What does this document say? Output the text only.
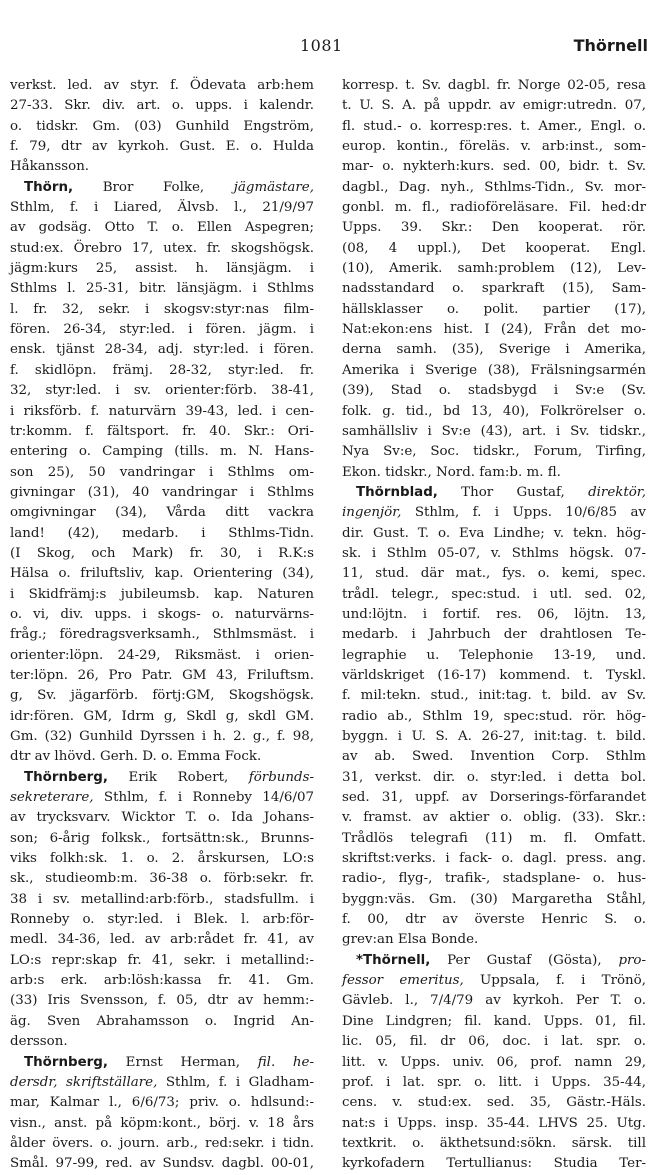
1081	Thörnell
verkst. led. av styr. f. Ödevata arb:hem
27-33. Skr. div. art. o. upps. i kalendr.
o. tidskr. Gm. (03) Gunhild Engström,
f. 79, dtr av kyrkoh. Gust. E. o. Hulda
Håkansson.
Thörn, Bror Folke, jägmästare,
Sthlm, f. i Liared, Älvsb. l., 21/9/97
av godsäg. Otto T. o. Ellen Aspegren;
stud:ex. Örebro 17, utex. fr. skogshögsk.
jägm:kurs 25, assist. h. länsjägm. i
Sthlms l. 25-31, bitr. länsjägm. i Sthlms
l. fr. 32, sekr. i skogsv:styr:nas film-
fören. 26-34, styr:led. i fören. jägm. i
ensk. tjänst 28-34, adj. styr:led. i fören.
f. skidlöpn. främj. 28-32, styr:led. fr.
32, styr:led. i sv. orienter:förb. 38-41,
i riksförb. f. naturvärn 39-43, led. i cen-
tr:komm. f. fältsport. fr. 40. Skr.: Ori-
entering o. Camping (tills. m. N. Hans-
son 25), 50 vandringar i Sthlms om-
givningar (31), 40 vandringar i Sthlms
omgivningar (34), Vårda ditt vackra
land! (42), medarb. i Sthlms-Tidn.
(I Skog, och Mark) fr. 30, i R.K:s
Hälsa o. friluftsliv, kap. Orientering (34),
i Skidfrämj:s jubileumsb. kap. Naturen
o. vi, div. upps. i skogs- o. naturvärns-
fråg.; föredragsverksamh., Sthlmsmäst. i
orienter:löpn. 24-29, Riksmäst. i orien-
ter:löpn. 26, Pro Patr. GM 43, Friluftsm.
g, Sv. jägarförb. förtj:GM, Skogshögsk.
idr:fören. GM, Idrm g, Skdl g, skdl GM.
Gm. (32) Gunhild Dyrssen i h. 2. g., f. 98,
dtr av lhövd. Gerh. D. o. Emma Fock.
Thörnberg, Erik Robert, förbunds-
sekreterare, Sthlm, f. i Ronneby 14/6/07
av trycksvarv. Wicktor T. o. Ida Johans-
son; 6-årig folksk., fortsättn:sk., Brunns-
viks folkh:sk. 1. o. 2. årskursen, LO:s
sk., studieomb:m. 36-38 o. förb:sekr. fr.
38 i sv. metallind:arb:förb., stadsfullm. i
Ronneby o. styr:led. i Blek. l. arb:för-
medl. 34-36, led. av arb:rådet fr. 41, av
LO:s repr:skap fr. 41, sekr. i metallind:-
arb:s erk. arb:lösh:kassa fr. 41. Gm.
(33) Iris Svensson, f. 05, dtr av hemm:-
äg. Sven Abrahamsson o. Ingrid An-
dersson.
Thörnberg, Ernst Herman, fil. he-
dersdr, skriftställare, Sthlm, f. i Gladham-
mar, Kalmar l., 6/6/73; priv. o. hdlsund:-
visn., anst. på köpm:kont., börj. v. 18 års
ålder övers. o. journ. arb., red:sekr. i tidn.
Smål. 97-99, red. av Sundsv. dagbl. 00-01,
korresp. t. Sv. dagbl. fr. Norge 02-05, resa
t. U. S. A. på uppdr. av emigr:utredn. 07,
fl. stud.- o. korresp:res. t. Amer., Engl. o.
europ. kontin., föreläs. v. arb:inst., som-
mar- o. nykterh:kurs. sed. 00, bidr. t. Sv.
dagbl., Dag. nyh., Sthlms-Tidn., Sv. mor-
gonbl. m. fl., radioföreläsare. Fil. hed:dr
Upps. 39. Skr.: Den kooperat. rör.
(08, 4 uppl.), Det kooperat. Engl.
(10), Amerik. samh:problem (12), Lev-
nadsstandard o. sparkraft (15), Sam-
hällsklasser o. polit. partier (17),
Nat:ekon:ens hist. I (24), Från det mo-
derna samh. (35), Sverige i Amerika,
Amerika i Sverige (38), Frälsningsarmén
(39), Stad o. stadsbygd i Sv:e (Sv.
folk. g. tid., bd 13, 40), Folkrörelser o.
samhällsliv i Sv:e (43), art. i Sv. tidskr.,
Nya Sv:e, Soc. tidskr., Forum, Tirfing,
Ekon. tidskr., Nord. fam:b. m. fl.
Thörnblad, Thor Gustaf, direktör,
ingenjör, Sthlm, f. i Upps. 10/6/85 av
dir. Gust. T. o. Eva Lindhe; v. tekn. hög-
sk. i Sthlm 05-07, v. Sthlms högsk. 07-
11, stud. där mat., fys. o. kemi, spec.
trådl. telegr., spec:stud. i utl. sed. 02,
und:löjtn. i fortif. res. 06, löjtn. 13,
medarb. i Jahrbuch der drahtlosen Te-
legraphie u. Telephonie 13-19, und.
världskriget (16-17) kommend. t. Tyskl.
f. mil:tekn. stud., init:tag. t. bild. av Sv.
radio ab., Sthlm 19, spec:stud. rör. hög-
byggn. i U. S. A. 26-27, init:tag. t. bild.
av ab. Swed. Invention Corp. Sthlm
31, verkst. dir. o. styr:led. i detta bol.
sed. 31, uppf. av Dorserings-förfarandet
v. framst. av aktier o. oblig. (33). Skr.:
Trådlös telegrafi (11) m. fl. Omfatt.
skriftst:verks. i fack- o. dagl. press. ang.
radio-, flyg-, trafik-, stadsplane- o. hus-
byggn:väs. Gm. (30) Margaretha Ståhl,
f. 00, dtr av överste Henric S. o.
grev:an Elsa Bonde.
*Thörnell, Per Gustaf (Gösta), pro-
fessor emeritus, Uppsala, f. i Trönö,
Gävleb. l., 7/4/79 av kyrkoh. Per T. o.
Dine Lindgren; fil. kand. Upps. 01, fil.
lic. 05, fil. dr 06, doc. i lat. spr. o.
litt. v. Upps. univ. 06, prof. namn 29,
prof. i lat. spr. o. litt. i Upps. 35-44,
cens. v. stud:ex. sed. 35, Gästr.-Häls.
nat:s i Upps. insp. 35-44. LHVS 25. Utg.
textkrit. o. äkthetsund:sökn. särsk. till
kyrkofadern Tertullianus: Studia Ter-
